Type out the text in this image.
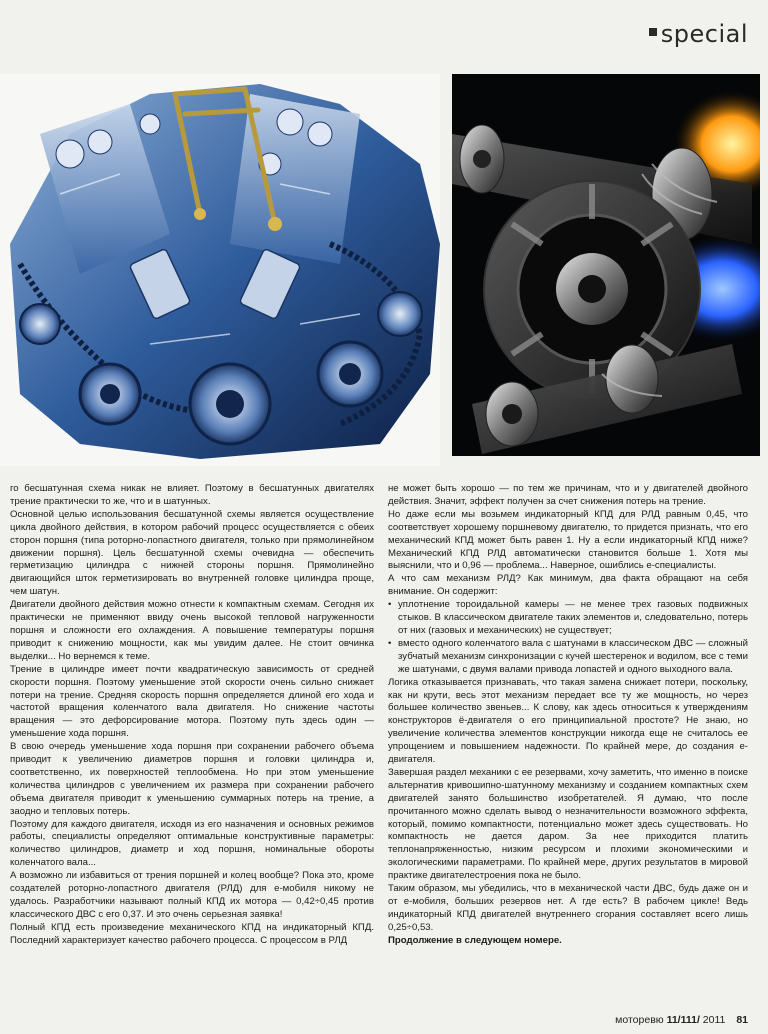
special

го бесшатунная схема никак не влияет. Поэтому в бесшатунных двигателях трение практически то же, что и в шатунных.

Основной целью использования бесшатунной схемы является осуществление цикла двойного действия, в котором рабочий процесс осуществляется с обеих сторон поршня (типа роторно-лопастного двигателя, только при прямолинейном движении поршня). Цель бесшатунной схемы очевидна — обеспечить герметизацию цилиндра с нижней стороны поршня. Прямолинейно двигающийся шток герметизировать во внутренней головке цилиндра проще, чем шатун.

Двигатели двойного действия можно отнести к компактным схемам. Сегодня их практически не применяют ввиду очень высокой тепловой нагруженности поршня и сложности его охлаждения. А повышение температуры поршня приводит к снижению мощности, как мы увидим далее. Не стоит овчинка выделки... Но вернемся к теме.

Трение в цилиндре имеет почти квадратическую зависимость от средней скорости поршня. Поэтому уменьшение этой скорости очень сильно снижает потери на трение. Средняя скорость поршня определяется длиной его хода и частотой вращения коленчатого вала двигателя. Но снижение частоты вращения — это дефорсирование мотора. Поэтому путь здесь один — уменьшение хода поршня.

В свою очередь уменьшение хода поршня при сохранении рабочего объема приводит к увеличению диаметров поршня и головки цилиндра и, соответственно, их поверхностей теплообмена. Но при этом уменьшение количества цилиндров с увеличением их размера при сохранении рабочего объема двигателя приводит к уменьшению суммарных потерь на трение, а заодно и тепловых потерь.

Поэтому для каждого двигателя, исходя из его назначения и основных режимов работы, специалисты определяют оптимальные конструктивные параметры: количество цилиндров, диаметр и ход поршня, номинальные обороты коленчатого вала...

А возможно ли избавиться от трения поршней и колец вообще? Пока это, кроме создателей роторно-лопастного двигателя (РЛД) для е-мобиля никому не удалось. Разработчики называют полный КПД их мотора — 0,42÷0,45 против классического ДВС с его 0,37. И это очень серьезная заявка!

Полный КПД есть произведение механического КПД на индикаторный КПД. Последний характеризует качество рабочего процесса. С процессом в РЛД

не может быть хорошо — по тем же причинам, что и у двигателей двойного действия. Значит, эффект получен за счет снижения потерь на трение.

Но даже если мы возьмем индикаторный КПД для РЛД равным 0,45, что соответствует хорошему поршневому двигателю, то придется признать, что его механический КПД может быть равен 1. Ну а если индикаторный КПД ниже? Механический КПД РЛД автоматически становится больше 1. Хотя мы выяснили, что и 0,96 — проблема... Наверное, ошиблись е-специалисты.

А что сам механизм РЛД? Как минимум, два факта обращают на себя внимание. Он содержит:

• уплотнение тороидальной камеры — не менее трех газовых подвижных стыков. В классическом двигателе таких элементов и, следовательно, потерь от них (газовых и механических) не существует;

• вместо одного коленчатого вала с шатунами в классическом ДВС — сложный зубчатый механизм синхронизации с кучей шестеренок и водилом, все с теми же шатунами, с двумя валами привода лопастей и одного выходного вала.

Логика отказывается признавать, что такая замена снижает потери, поскольку, как ни крути, весь этот механизм передает все ту же мощность, но через большее количество звеньев... К слову, как здесь относиться к утверждениям конструкторов ё-двигателя о его принципиальной простоте? Не знаю, но увеличение количества элементов конструкции никогда еще не считалось ее упрощением и повышением надежности. По крайней мере, до создания е-двигателя.

Завершая раздел механики с ее резервами, хочу заметить, что именно в поиске альтернатив кривошипно-шатунному механизму и созданием компактных схем двигателей занято большинство изобретателей. Я думаю, что после прочитанного можно сделать вывод о незначительности возможного эффекта, который, помимо компактности, потенциально может здесь существовать. Но компактность не дается даром. За нее приходится платить теплонапряженностью, низким ресурсом и плохими экономическими и экологическими параметрами. По крайней мере, других результатов в мировой практике двигателестроения пока не было.

Таким образом, мы убедились, что в механической части ДВС, будь даже он и от е-мобиля, больших резервов нет. А где есть? В рабочем цикле! Ведь индикаторный КПД двигателей внутреннего сгорания составляет всего лишь 0,25÷0,53.

Продолжение в следующем номере.

моторевю 11/111/ 2011 81
